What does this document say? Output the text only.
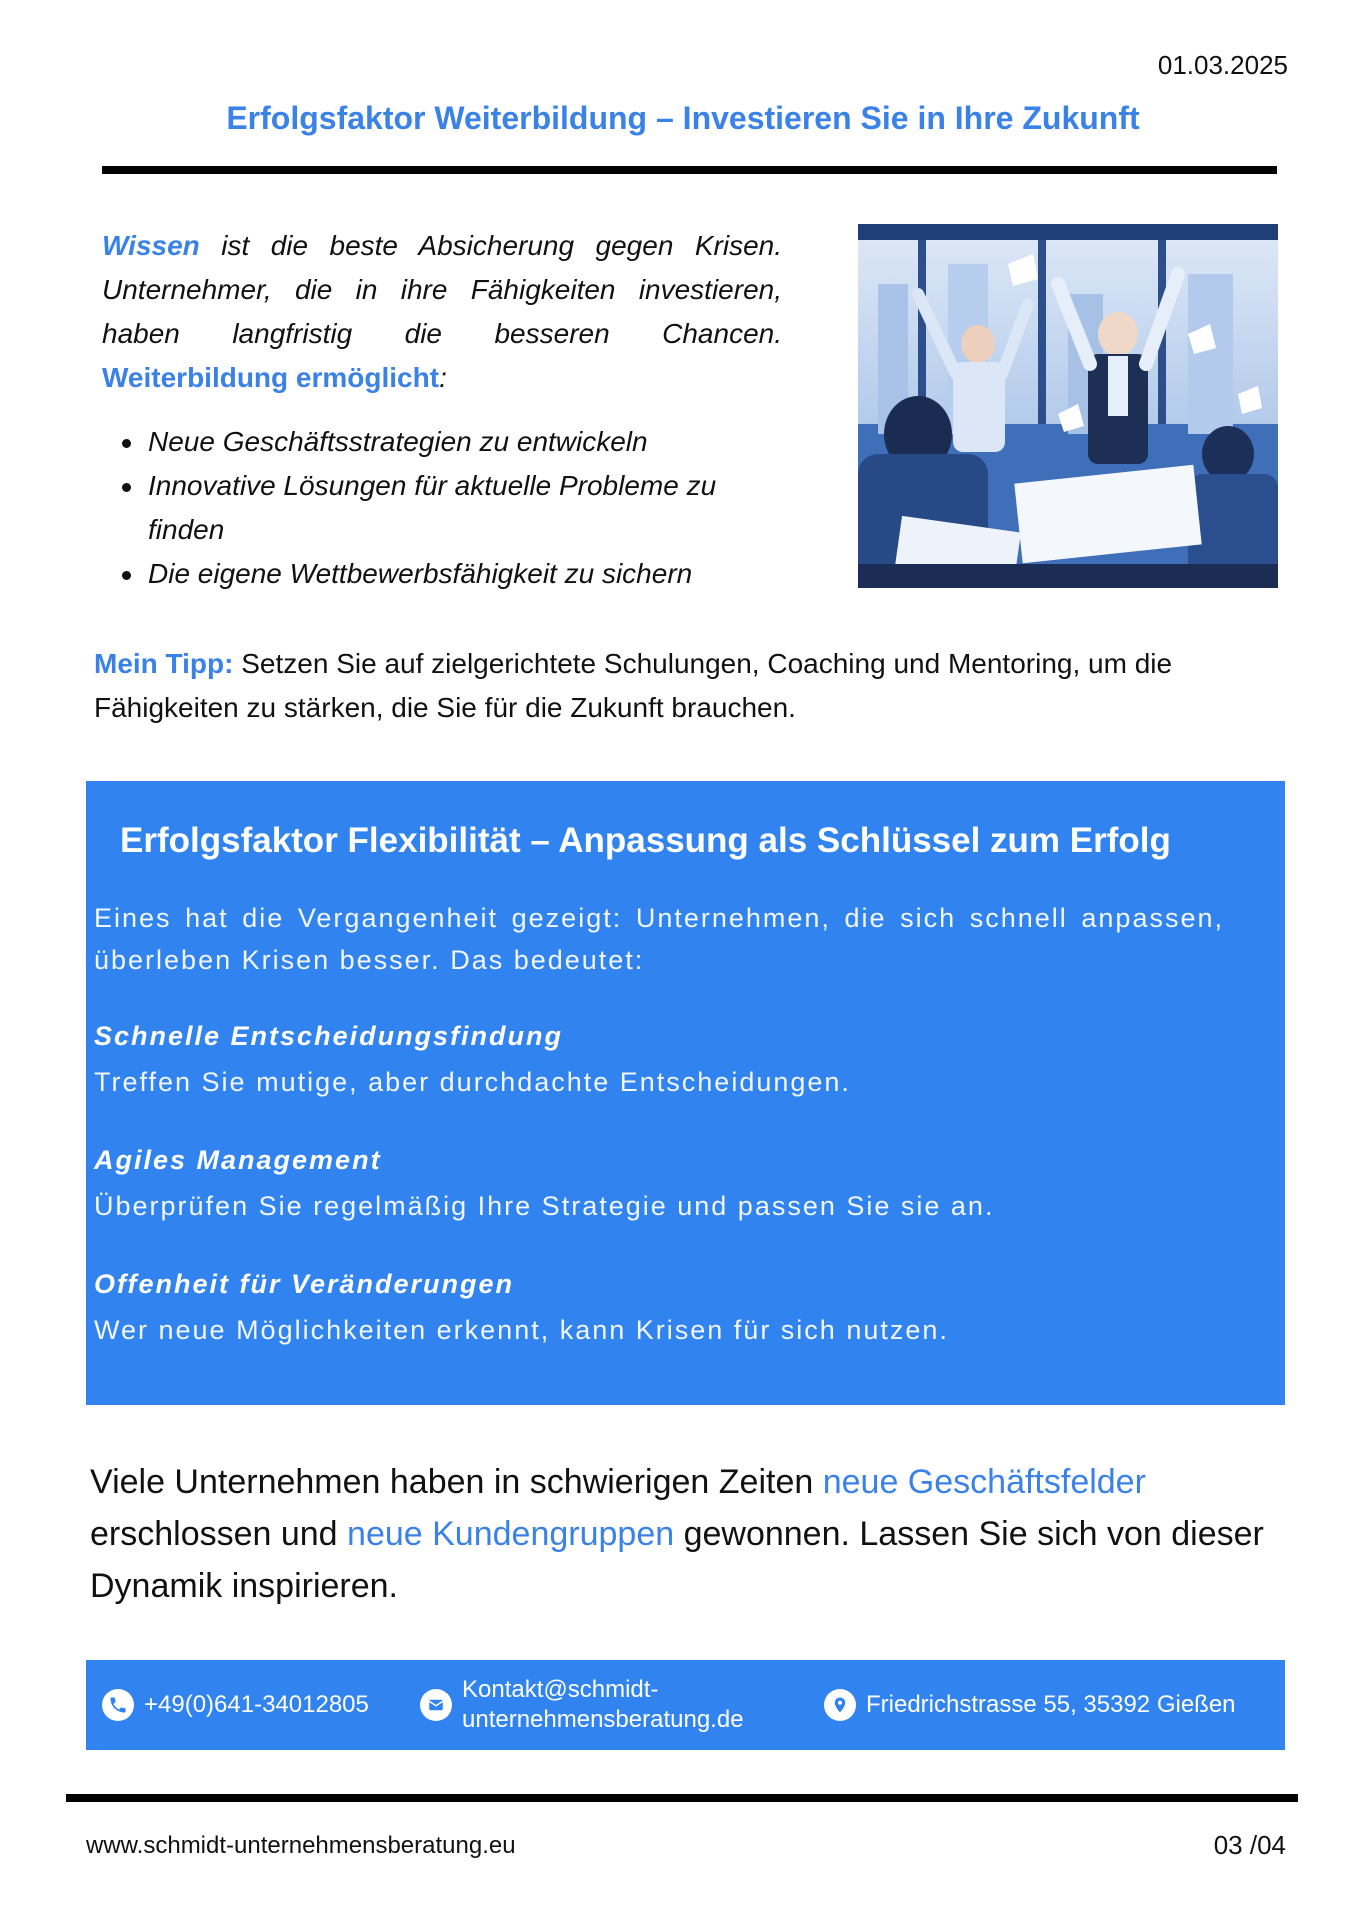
01.03.2025
Erfolgsfaktor Weiterbildung – Investieren Sie in Ihre Zukunft

Wissen ist die beste Absicherung gegen Krisen. Unternehmer, die in ihre Fähigkeiten investieren, haben langfristig die besseren Chancen. Weiterbildung ermöglicht:

Neue Geschäftsstrategien zu entwickeln
Innovative Lösungen für aktuelle Probleme zu finden
Die eigene Wettbewerbsfähigkeit zu sichern

Mein Tipp: Setzen Sie auf zielgerichtete Schulungen, Coaching und Mentoring, um die Fähigkeiten zu stärken, die Sie für die Zukunft brauchen.

Erfolgsfaktor Flexibilität – Anpassung als Schlüssel zum Erfolg

Eines hat die Vergangenheit gezeigt: Unternehmen, die sich schnell anpassen, überleben Krisen besser. Das bedeutet:

Schnelle Entscheidungsfindung

Treffen Sie mutige, aber durchdachte Entscheidungen.

Agiles Management

Überprüfen Sie regelmäßig Ihre Strategie und passen Sie sie an.

Offenheit für Veränderungen

Wer neue Möglichkeiten erkennt, kann Krisen für sich nutzen.

Viele Unternehmen haben in schwierigen Zeiten neue Geschäftsfelder erschlossen und neue Kundengruppen gewonnen. Lassen Sie sich von dieser Dynamik inspirieren.

+49(0)641-34012805
Kontakt@schmidt-
unternehmensberatung.de
Friedrichstrasse 55, 35392 Gießen
www.schmidt-unternehmensberatung.eu	03 /04
